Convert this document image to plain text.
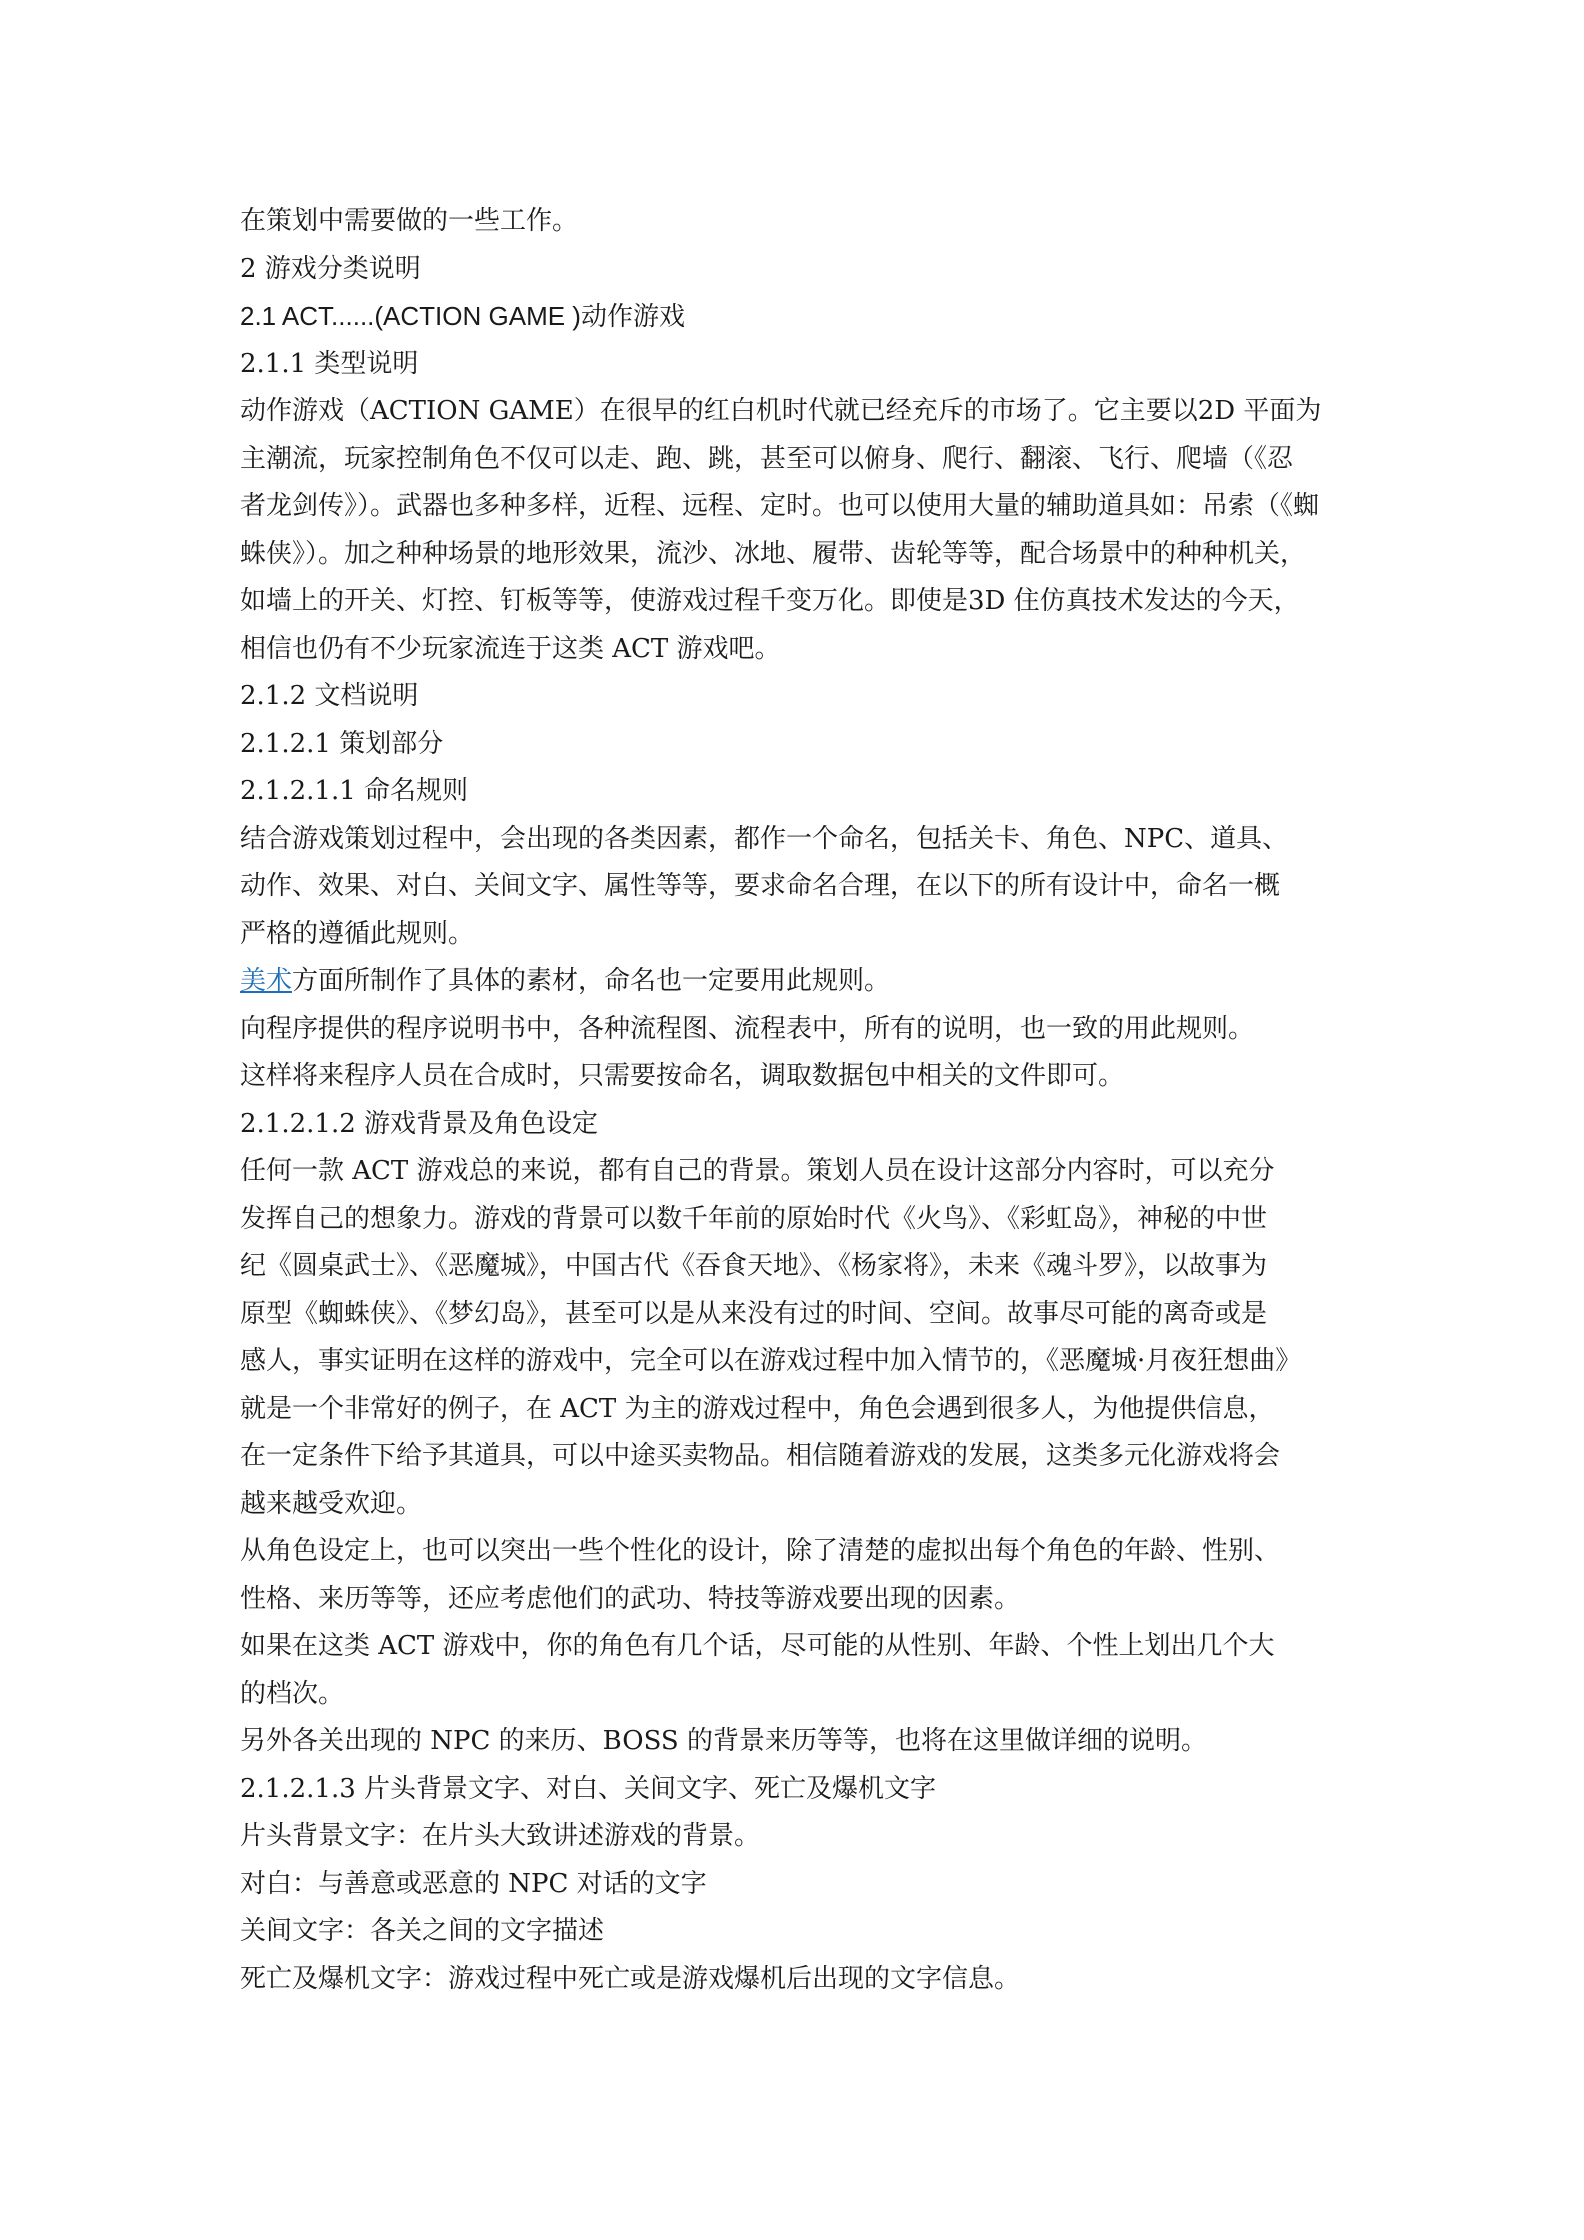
在策划中需要做的一些工作。

2 游戏分类说明

2.1 ACT......(ACTION GAME )动作游戏

2.1.1 类型说明

动作游戏（ACTION GAME）在很早的红白机时代就已经充斥的市场了。它主要以2D 平面为

主潮流，玩家控制角色不仅可以走、跑、跳，甚至可以俯身、爬行、翻滚、飞行、爬墙（《忍

者龙剑传》）。武器也多种多样，近程、远程、定时。也可以使用大量的辅助道具如：吊索（《蜘

蛛侠》）。加之种种场景的地形效果，流沙、冰地、履带、齿轮等等，配合场景中的种种机关，

如墙上的开关、灯控、钉板等等，使游戏过程千变万化。即使是3D 住仿真技术发达的今天，

相信也仍有不少玩家流连于这类 ACT 游戏吧。

2.1.2 文档说明

2.1.2.1 策划部分

2.1.2.1.1 命名规则

结合游戏策划过程中，会出现的各类因素，都作一个命名，包括关卡、角色、NPC、道具、

动作、效果、对白、关间文字、属性等等，要求命名合理，在以下的所有设计中，命名一概

严格的遵循此规则。

美术方面所制作了具体的素材，命名也一定要用此规则。

向程序提供的程序说明书中，各种流程图、流程表中，所有的说明，也一致的用此规则。

这样将来程序人员在合成时，只需要按命名，调取数据包中相关的文件即可。

2.1.2.1.2 游戏背景及角色设定

任何一款 ACT 游戏总的来说，都有自己的背景。策划人员在设计这部分内容时，可以充分

发挥自己的想象力。游戏的背景可以数千年前的原始时代《火鸟》、《彩虹岛》，神秘的中世

纪《圆桌武士》、《恶魔城》，中国古代《吞食天地》、《杨家将》，未来《魂斗罗》，以故事为

原型《蜘蛛侠》、《梦幻岛》，甚至可以是从来没有过的时间、空间。故事尽可能的离奇或是

感人，事实证明在这样的游戏中，完全可以在游戏过程中加入情节的，《恶魔城·月夜狂想曲》

就是一个非常好的例子，在 ACT 为主的游戏过程中，角色会遇到很多人，为他提供信息，

在一定条件下给予其道具，可以中途买卖物品。相信随着游戏的发展，这类多元化游戏将会

越来越受欢迎。

从角色设定上，也可以突出一些个性化的设计，除了清楚的虚拟出每个角色的年龄、性别、

性格、来历等等，还应考虑他们的武功、特技等游戏要出现的因素。

如果在这类 ACT 游戏中，你的角色有几个话，尽可能的从性别、年龄、个性上划出几个大

的档次。

另外各关出现的 NPC 的来历、BOSS 的背景来历等等，也将在这里做详细的说明。

2.1.2.1.3 片头背景文字、对白、关间文字、死亡及爆机文字

片头背景文字：在片头大致讲述游戏的背景。

对白：与善意或恶意的 NPC 对话的文字

关间文字：各关之间的文字描述

死亡及爆机文字：游戏过程中死亡或是游戏爆机后出现的文字信息。
